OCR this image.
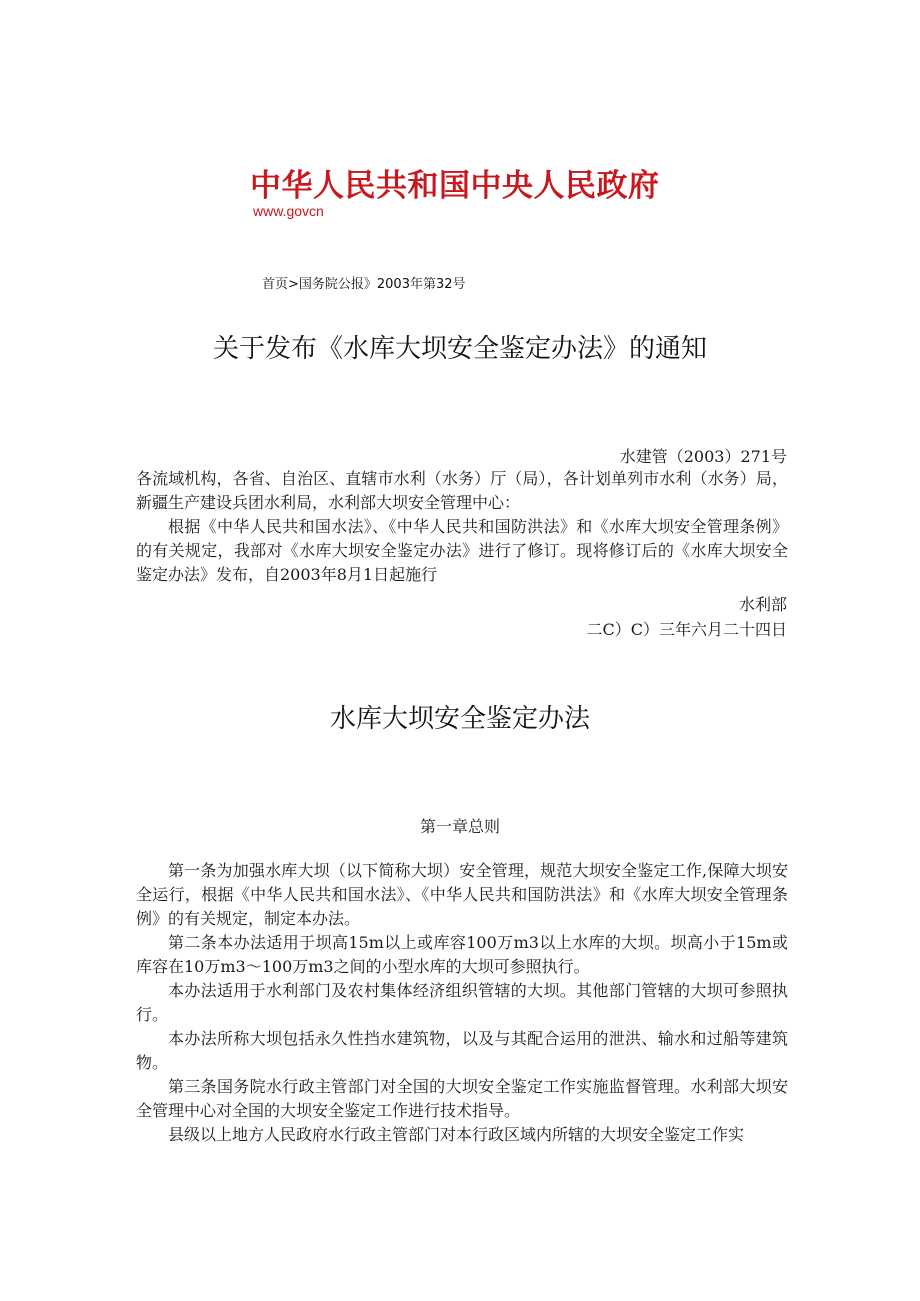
中华人民共和国中央人民政府
www.govcn
首页>国务院公报》2003年第32号
关于发布《水库大坝安全鉴定办法》的通知
水建管（2003）271号

各流域机构，各省、自治区、直辖市水利（水务）厅（局），各计划单列市水利（水务）局，新疆生产建设兵团水利局，水利部大坝安全管理中心：

根据《中华人民共和国水法》、《中华人民共和国防洪法》和《水库大坝安全管理条例》的有关规定，我部对《水库大坝安全鉴定办法》进行了修订。现将修订后的《水库大坝安全鉴定办法》发布，自2003年8月1日起施行

水利部
二C）C）三年六月二十四日
水库大坝安全鉴定办法
第一章总则

第一条为加强水库大坝（以下简称大坝）安全管理，规范大坝安全鉴定工作,保障大坝安全运行，根据《中华人民共和国水法》、《中华人民共和国防洪法》和《水库大坝安全管理条例》的有关规定，制定本办法。

第二条本办法适用于坝高15m以上或库容100万m3以上水库的大坝。坝高小于15m或库容在10万m3～100万m3之间的小型水库的大坝可参照执行。

本办法适用于水利部门及农村集体经济组织管辖的大坝。其他部门管辖的大坝可参照执行。

本办法所称大坝包括永久性挡水建筑物，以及与其配合运用的泄洪、输水和过船等建筑物。

第三条国务院水行政主管部门对全国的大坝安全鉴定工作实施监督管理。水利部大坝安全管理中心对全国的大坝安全鉴定工作进行技术指导。

县级以上地方人民政府水行政主管部门对本行政区域内所辖的大坝安全鉴定工作实
